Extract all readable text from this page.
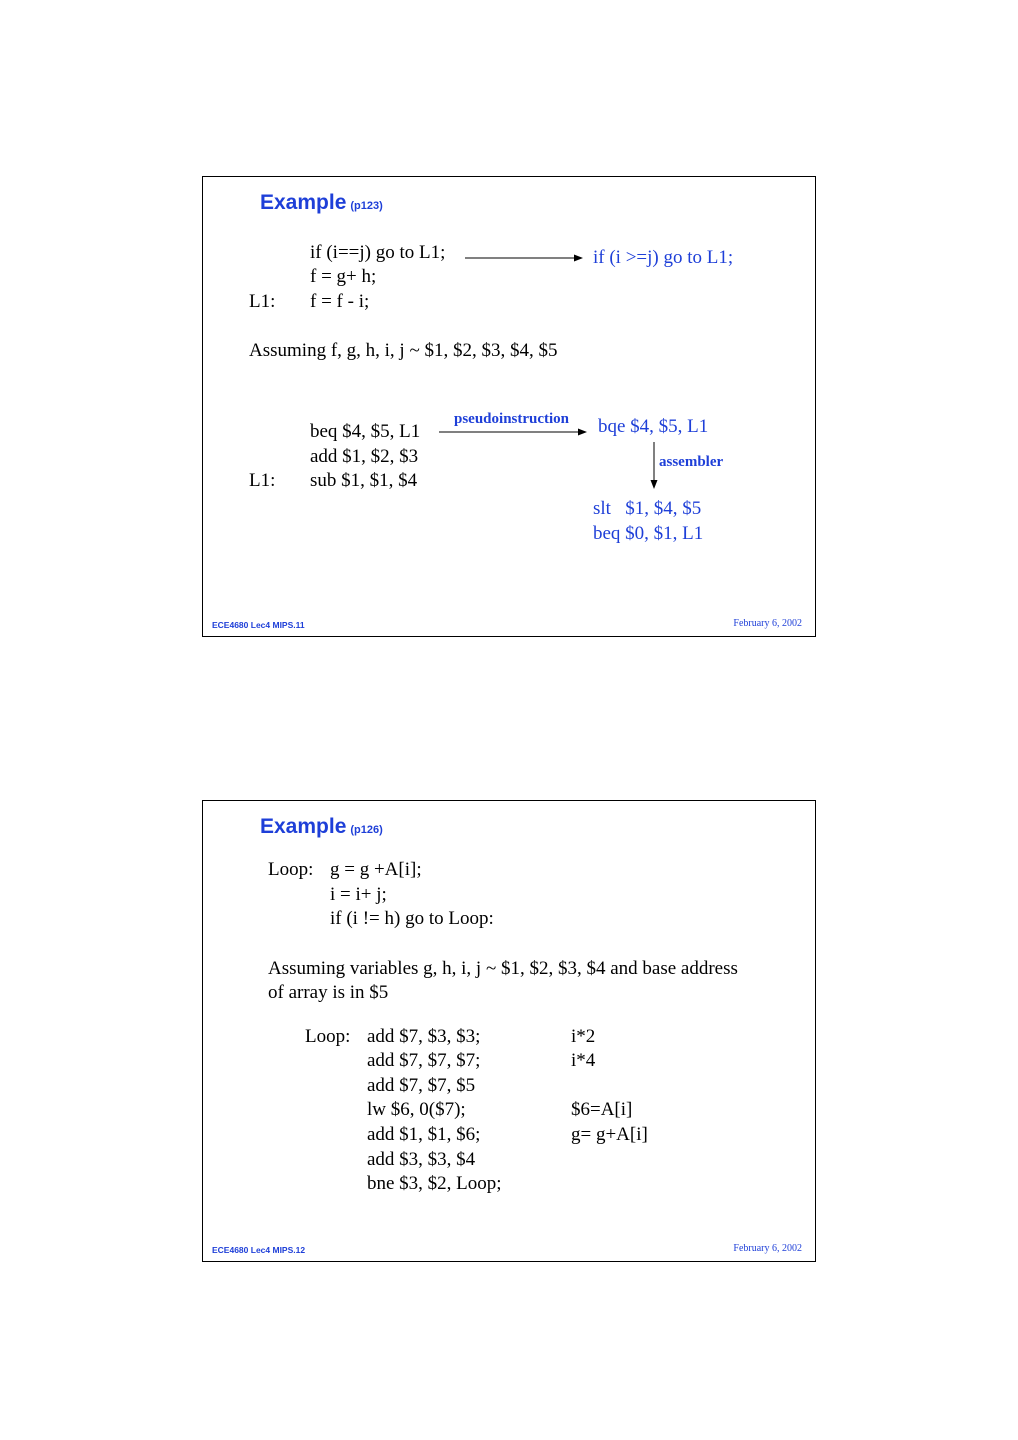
Example (p123)
if (i==j) go to L1;
f = g+ h;
L1: f = f - i;
if (i >=j) go to L1;
Assuming f, g, h, i, j ~ $1, $2, $3, $4, $5
pseudoinstruction
beq $4, $5, L1
add $1, $2, $3
L1: sub $1, $1, $4
bqe $4, $5, L1
assembler
slt   $1, $4, $5
beq $0, $1, L1
ECE4680 Lec4 MIPS.11	February 6, 2002
Example (p126)
Loop: g = g +A[i];
i = i+ j;
if (i != h) go to Loop:
Assuming variables g, h, i, j ~ $1, $2, $3, $4 and base address
of array is in $5
Loop: add $7, $3, $3;
add $7, $7, $7;
add $7, $7, $5
lw $6, 0($7);
add $1, $1, $6;
add $3, $3, $4
bne $3, $2, Loop;
i*2
i*4
$6=A[i]
g= g+A[i]
ECE4680 Lec4 MIPS.12	February 6, 2002
